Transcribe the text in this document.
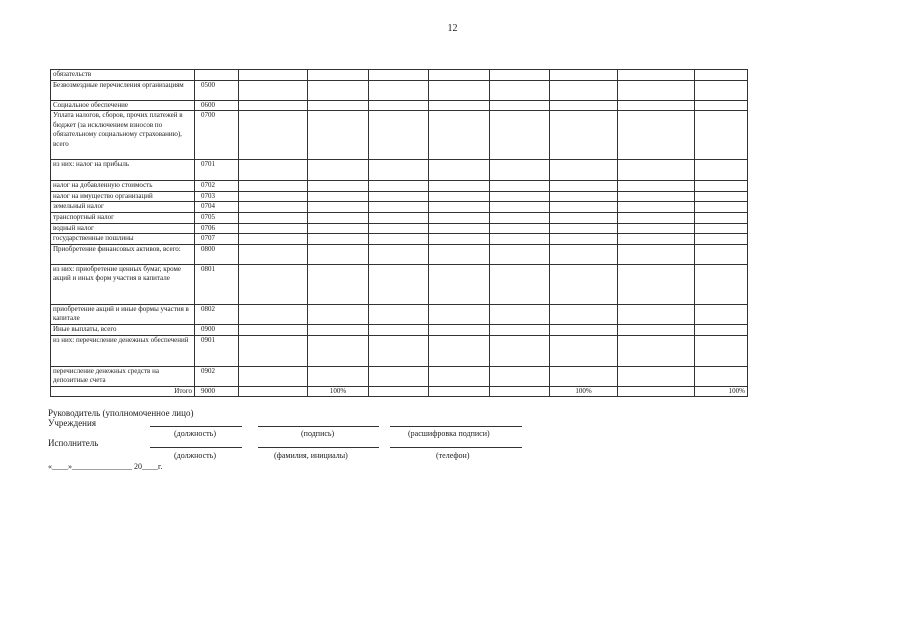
12
обязательств									
Безвозмездные перечисления организациям	0500								
Социальное обеспечение	0600								
Уплата налогов, сборов, прочих платежей в бюджет (за исключением взносов по обязательному социальному страхованию), всего	0700								
из них: налог на прибыль	0701								
налог на добавленную стоимость	0702								
налог на имущество организаций	0703								
земельный налог	0704								
транспортный налог	0705								
водный налог	0706								
государственные пошлины	0707								
Приобретение финансовых активов, всего:	0800								
из них: приобретение ценных бумаг, кроме акций и иных форм участия в капитале	0801								
приобретение акций и иные формы участия в капитале	0802								
Иные выплаты, всего	0900								
из них: перечисление денежных обеспечений	0901								
перечисление денежных средств на депозитные счета	0902								
Итого	9000		100%				100%		100%
Руководитель (уполномоченное лицо)
Учреждения
(должность)	(подпись)	(расшифровка подписи)
Исполнитель
(должность)	(фамилия, инициалы)	(телефон)
«____»_______________ 20____г.
